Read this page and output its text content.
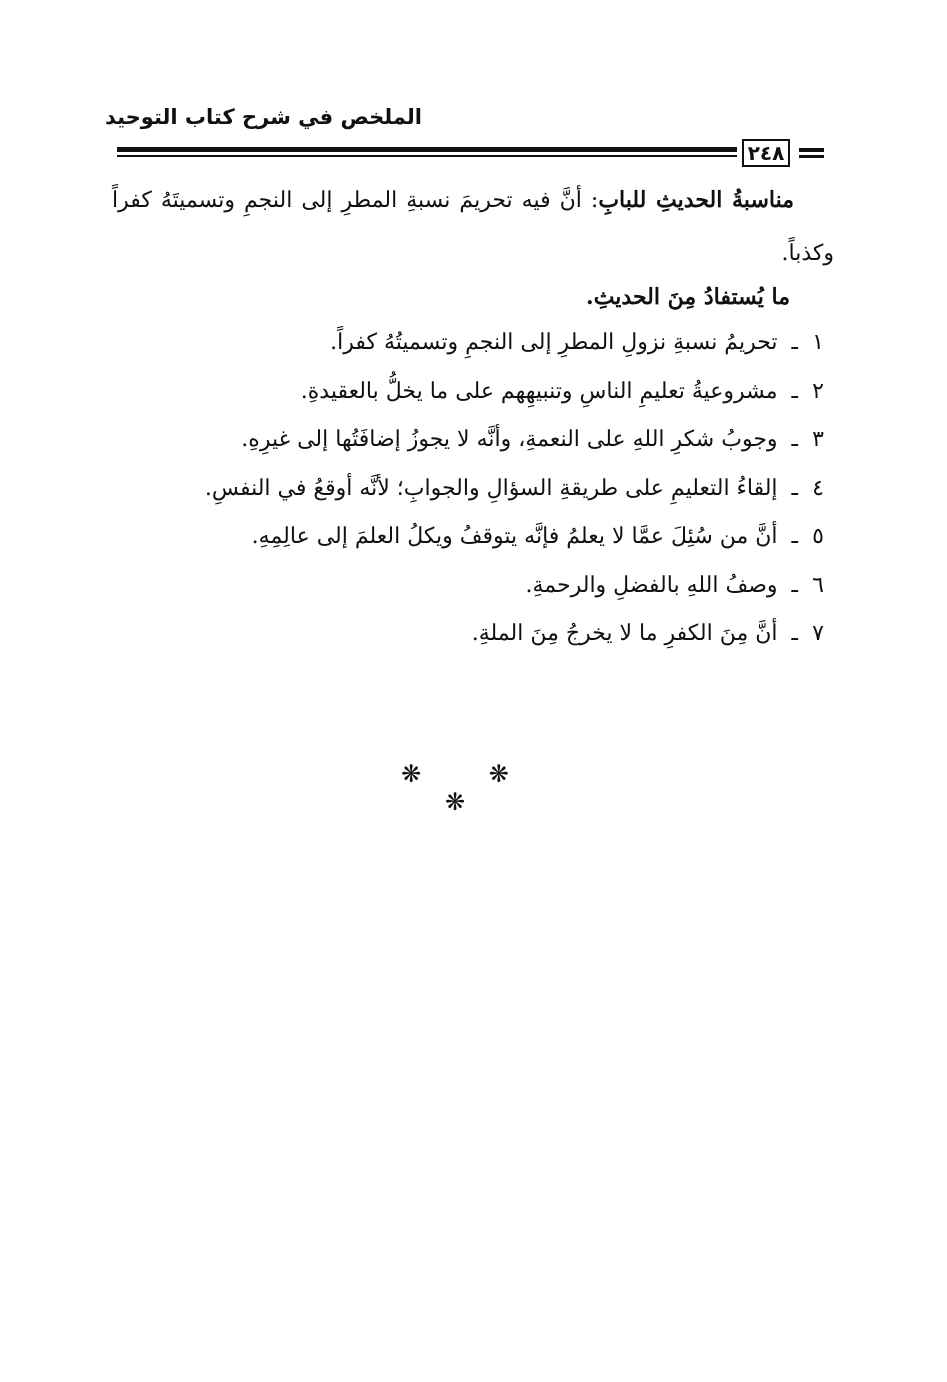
الملخص في شرح كتاب التوحيد
٢٤٨

مناسبةُ الحديثِ للبابِ: أنَّ فيه تحريمَ نسبةِ المطرِ إلى النجمِ وتسميتَهُ كفراً وكذباً.

ما يُستفادُ مِنَ الحديثِ.
١ـتحريمُ نسبةِ نزولِ المطرِ إلى النجمِ وتسميتُهُ كفراً.
٢ـمشروعيةُ تعليمِ الناسِ وتنبيهِهم على ما يخلُّ بالعقيدةِ.
٣ـوجوبُ شكرِ اللهِ على النعمةِ، وأنَّه لا يجوزُ إضافَتُها إلى غيرِهِ.
٤ـإلقاءُ التعليمِ على طريقةِ السؤالِ والجوابِ؛ لأنَّه أوقعُ في النفسِ.
٥ـأنَّ من سُئِلَ عمَّا لا يعلمُ فإنَّه يتوقفُ ويكلُ العلمَ إلى عالِمِهِ.
٦ـوصفُ اللهِ بالفضلِ والرحمةِ.
٧ـأنَّ مِنَ الكفرِ ما لا يخرجُ مِنَ الملةِ.
❋ ❋ ❋
